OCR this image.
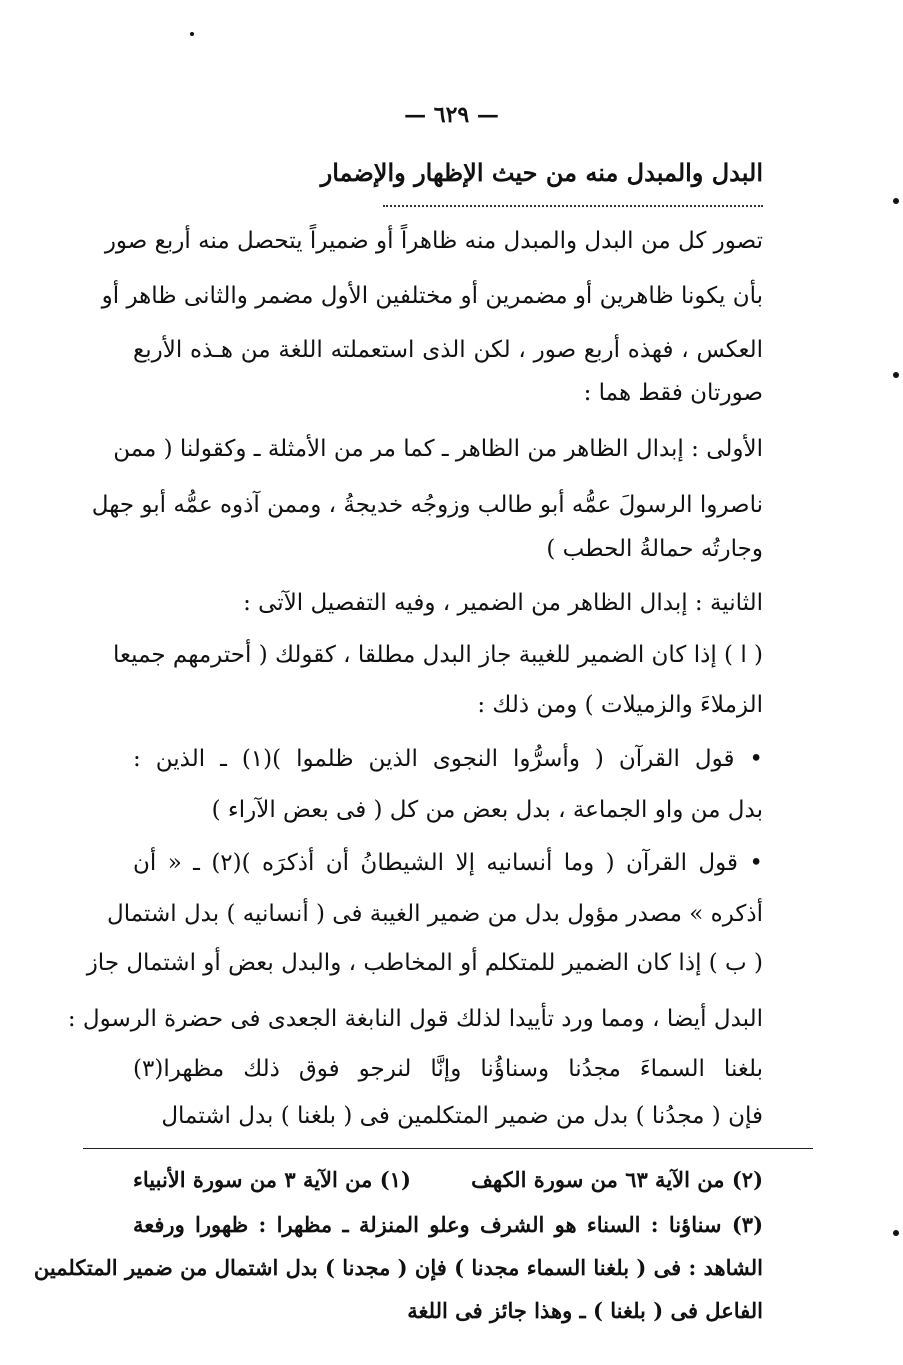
— ٦٢٩ —
البدل والمبدل منه من حيث الإظهار والإضمار
تصور كل من البدل والمبدل منه ظاهراً أو ضميراً يتحصل منه أربع صور
بأن يكونا ظاهرين أو مضمرين أو مختلفين الأول مضمر والثانى ظاهر أو
العكس ، فهذه أربع صور ، لكن الذى استعملته اللغة من هـذه الأربع
صورتان فقط هما :
الأولى : إبدال الظاهر من الظاهر ـ كما مر من الأمثلة ـ وكقولنا ( ممن
ناصروا الرسولَ عمُّه أبو طالب وزوجُه خديجةُ ، وممن آذوه عمُّه أبو جهل
وجارتُه حمالةُ الحطب )
الثانية : إبدال الظاهر من الضمير ، وفيه التفصيل الآتى :
( ا ) إذا كان الضمير للغيبة جاز البدل مطلقا ، كقولك ( أحترمهم جميعا
الزملاءَ والزميلات ) ومن ذلك :
• قول القرآن ( وأسرُّوا النجوى الذين ظلموا )(١) ـ الذين :
بدل من واو الجماعة ، بدل بعض من كل ( فى بعض الآراء )
• قول القرآن ( وما أنسانيه إلا الشيطانُ أن أذكرَه )(٢) ـ « أن
أذكره » مصدر مؤول بدل من ضمير الغيبة فى ( أنسانيه ) بدل اشتمال
( ب ) إذا كان الضمير للمتكلم أو المخاطب ، والبدل بعض أو اشتمال جاز
البدل أيضا ، ومما ورد تأييدا لذلك قول النابغة الجعدى فى حضرة الرسول :
بلغنا السماءَ مجدُنا وسناؤُنا وإنَّا لنرجو فوق ذلك مظهرا(٣)
فإن ( مجدُنا ) بدل من ضمير المتكلمين فى ( بلغنا ) بدل اشتمال
(١) من الآية ٣ من سورة الأنبياء	(٢) من الآية ٦٣ من سورة الكهف
(٣) سناؤنا : السناء هو الشرف وعلو المنزلة ـ مظهرا : ظهورا ورفعة
الشاهد : فى ( بلغنا السماء مجدنا ) فإن ( مجدنا ) بدل اشتمال من ضمير المتكلمين
الفاعل فى ( بلغنا ) ـ وهذا جائز فى اللغة
